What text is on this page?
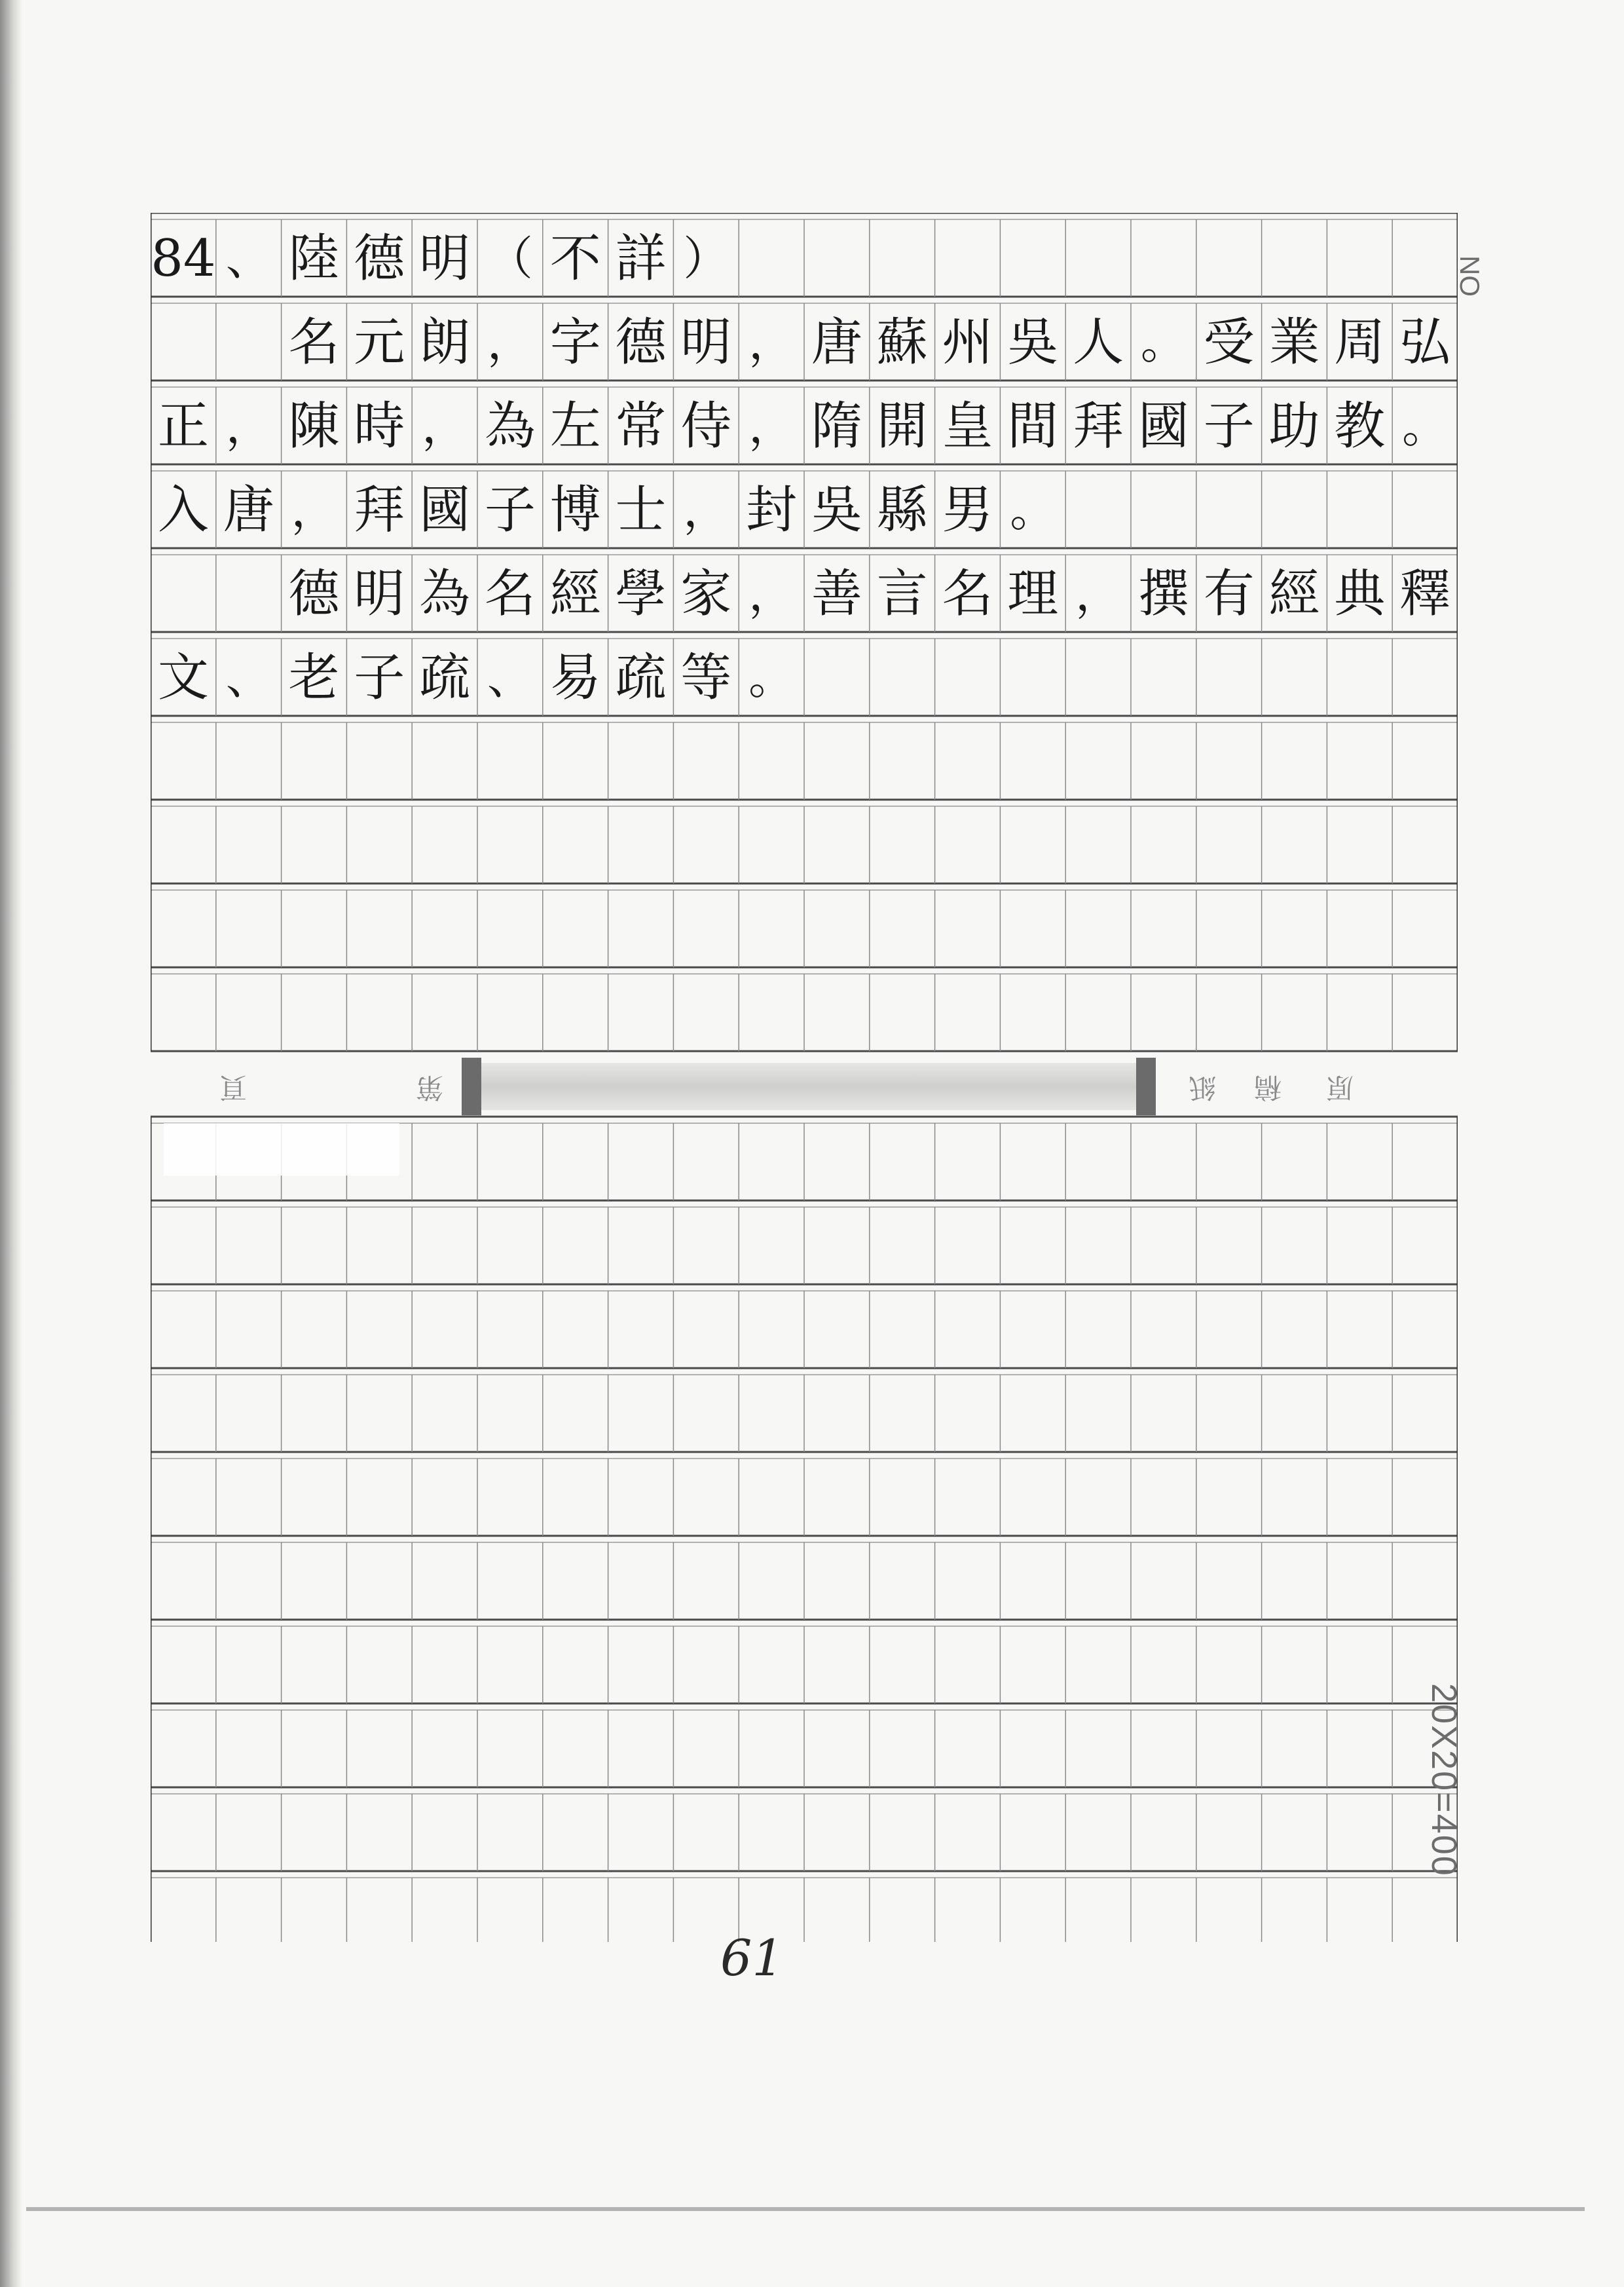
84 、 陸 德 明 （ 不 詳 ）
名 元 朗 ， 字 德 明 ， 唐 蘇 州 吳 人 。 受 業 周 弘
正 ， 陳 時 ， 為 左 常 侍 ， 隋 開 皇 間 拜 國 子 助 教 。
入 唐 ， 拜 國 子 博 士 ， 封 吳 縣 男 。
德 明 為 名 經 學 家 ， 善 言 名 理 ， 撰 有 經 典 釋
文 、 老 子 疏 、 易 疏 等 。
頁	第	紙 稿 原
NO
20X20=400
61
